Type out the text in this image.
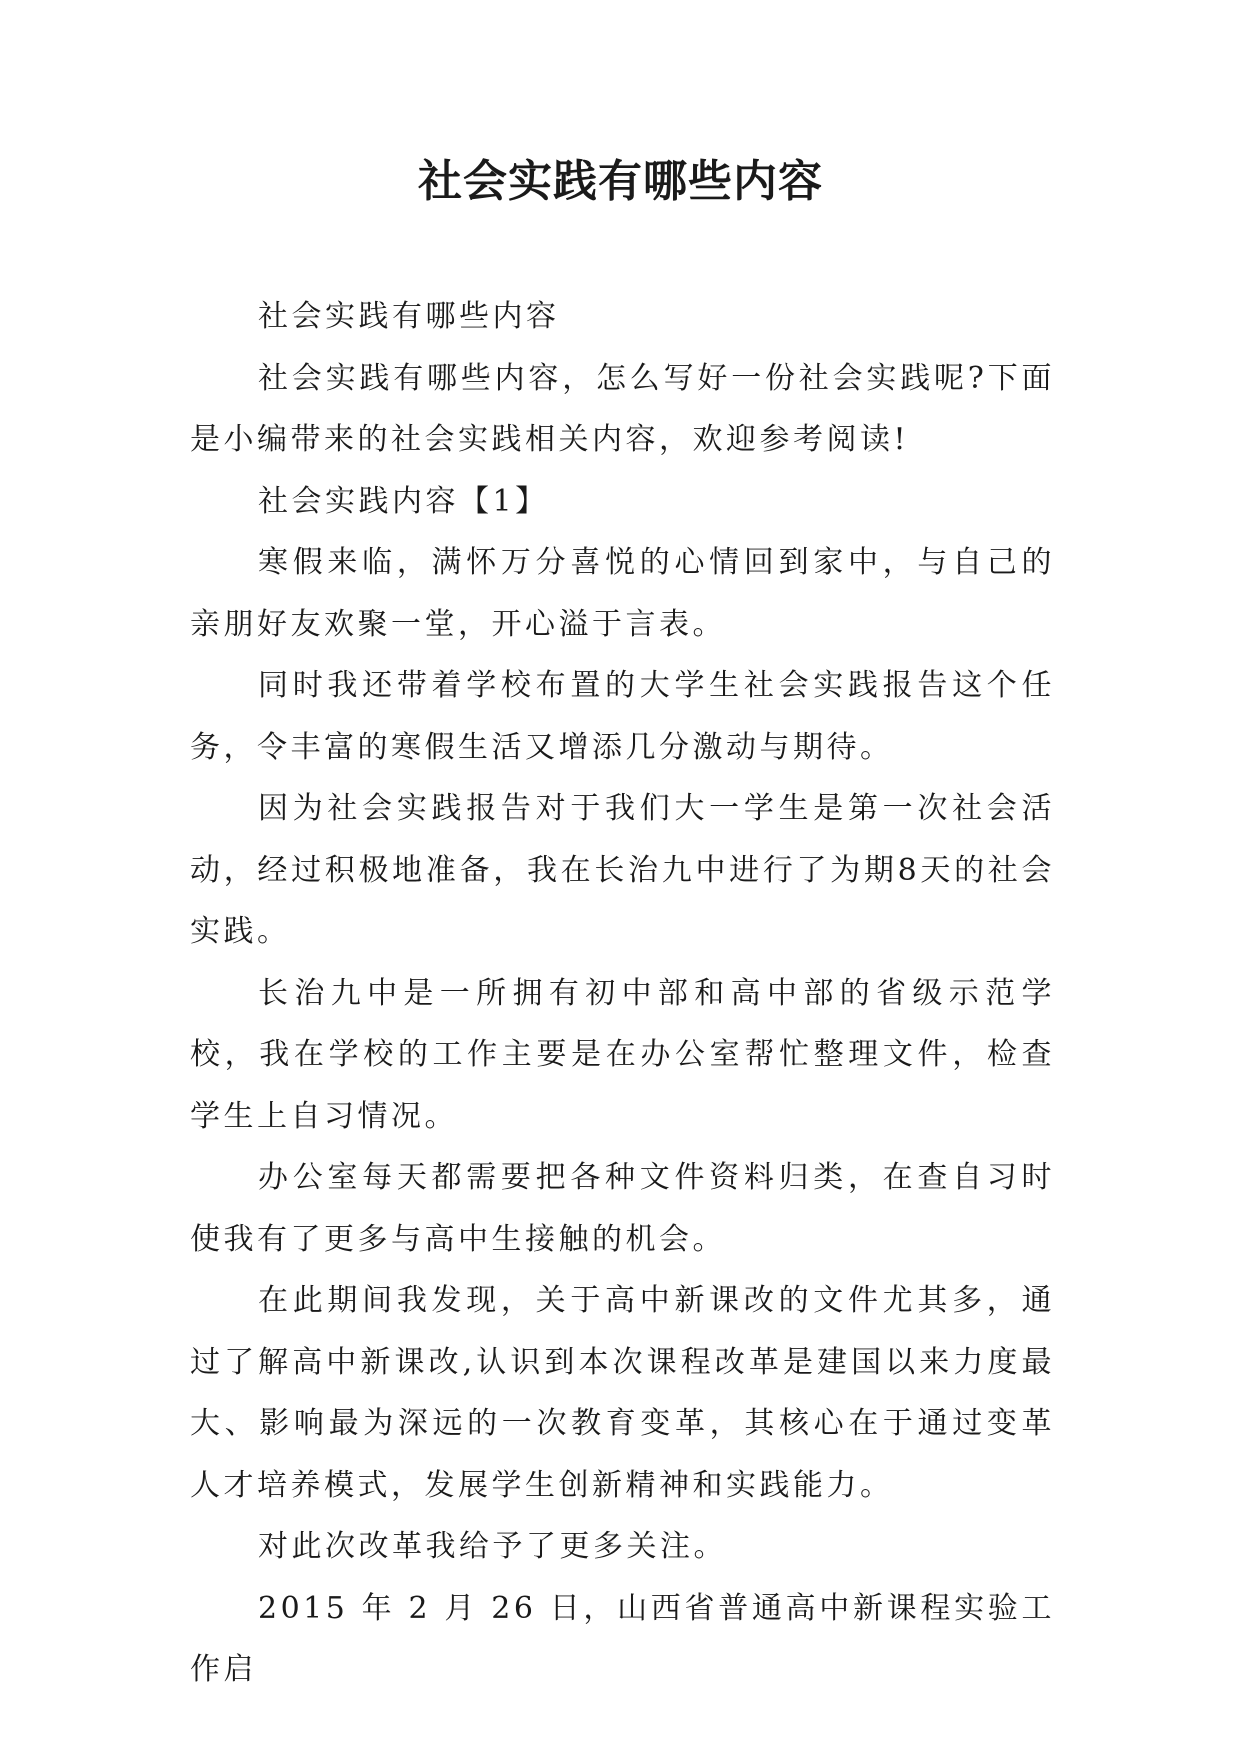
社会实践有哪些内容

社会实践有哪些内容

社会实践有哪些内容，怎么写好一份社会实践呢?下面是小编带来的社会实践相关内容，欢迎参考阅读!

社会实践内容【1】

寒假来临，满怀万分喜悦的心情回到家中，与自己的亲朋好友欢聚一堂，开心溢于言表。

同时我还带着学校布置的大学生社会实践报告这个任务，令丰富的寒假生活又增添几分激动与期待。

因为社会实践报告对于我们大一学生是第一次社会活动，经过积极地准备，我在长治九中进行了为期8天的社会实践。

长治九中是一所拥有初中部和高中部的省级示范学校，我在学校的工作主要是在办公室帮忙整理文件，检查学生上自习情况。

办公室每天都需要把各种文件资料归类，在查自习时使我有了更多与高中生接触的机会。

在此期间我发现，关于高中新课改的文件尤其多，通过了解高中新课改,认识到本次课程改革是建国以来力度最大、影响最为深远的一次教育变革，其核心在于通过变革人才培养模式，发展学生创新精神和实践能力。

对此次改革我给予了更多关注。

2015 年 2 月 26 日，山西省普通高中新课程实验工作启
